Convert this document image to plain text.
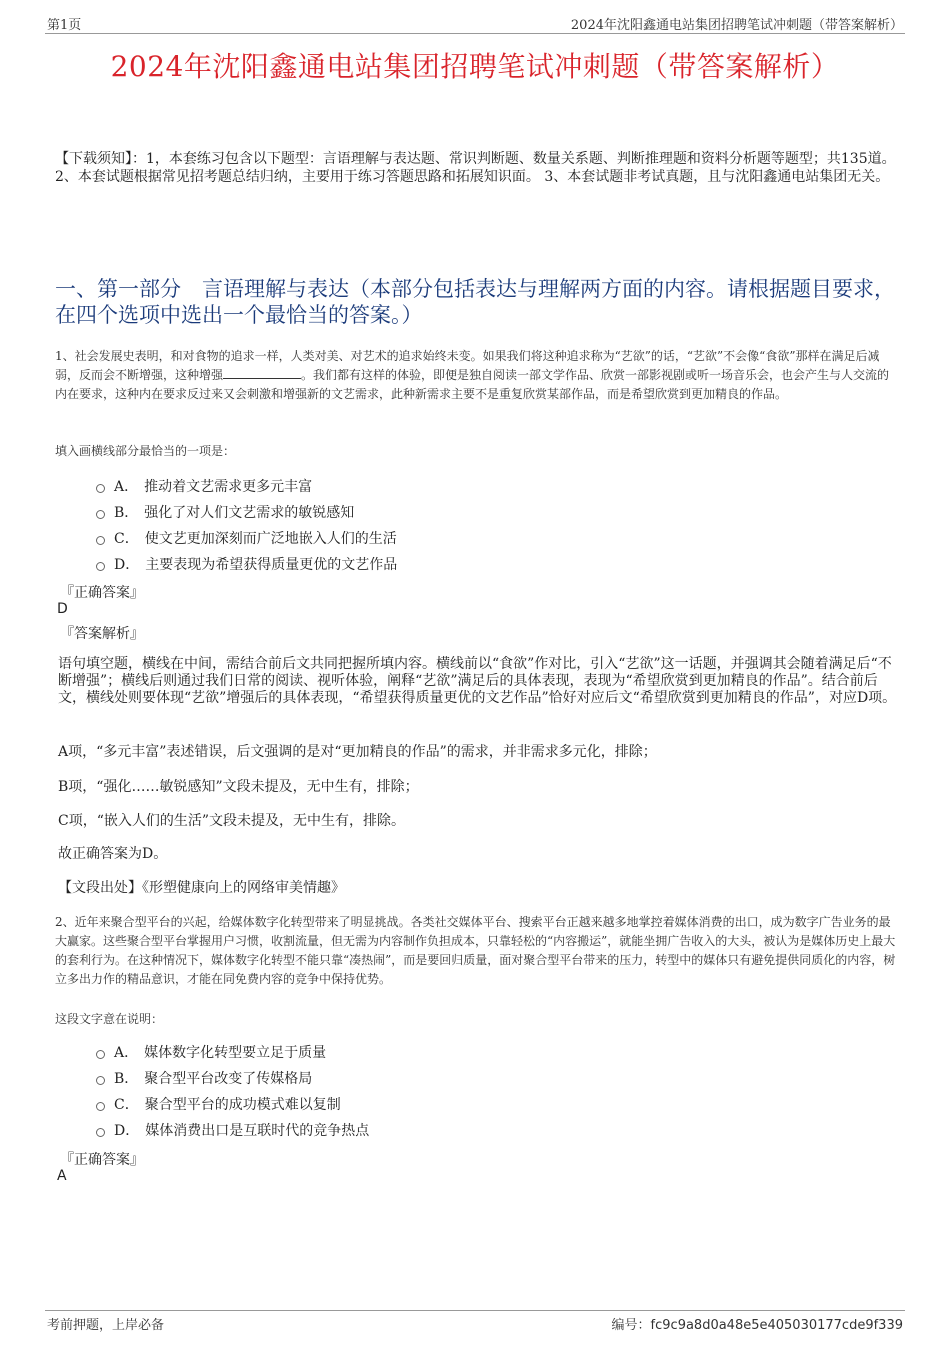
第1页	2024年沈阳鑫通电站集团招聘笔试冲刺题（带答案解析）
2024年沈阳鑫通电站集团招聘笔试冲刺题（带答案解析）
【下载须知】：1，本套练习包含以下题型：言语理解与表达题、常识判断题、数量关系题、判断推理题和资料分析题等题型；共135道。 2、本套试题根据常见招考题总结归纳，主要用于练习答题思路和拓展知识面。 3、本套试题非考试真题，且与沈阳鑫通电站集团无关。
一、第一部分　言语理解与表达（本部分包括表达与理解两方面的内容。请根据题目要求，在四个选项中选出一个最恰当的答案。）
1、社会发展史表明，和对食物的追求一样，人类对美、对艺术的追求始终未变。如果我们将这种追求称为“艺欲”的话，“艺欲”不会像“食欲”那样在满足后减弱，反而会不断增强，这种增强	。我们都有这样的体验，即便是独自阅读一部文学作品、欣赏一部影视剧或听一场音乐会，也会产生与人交流的内在要求，这种内在要求反过来又会刺激和增强新的文艺需求，此种新需求主要不是重复欣赏某部作品，而是希望欣赏到更加精良的作品。
填入画横线部分最恰当的一项是：
A． 推动着文艺需求更多元丰富
B． 强化了对人们文艺需求的敏锐感知
C． 使文艺更加深刻而广泛地嵌入人们的生活
D． 主要表现为希望获得质量更优的文艺作品
『正确答案』
D
『答案解析』
语句填空题，横线在中间，需结合前后文共同把握所填内容。横线前以“食欲”作对比，引入“艺欲”这一话题，并强调其会随着满足后“不断增强”；横线后则通过我们日常的阅读、视听体验，阐释“艺欲”满足后的具体表现，表现为“希望欣赏到更加精良的作品”。结合前后文，横线处则要体现“艺欲”增强后的具体表现，“希望获得质量更优的文艺作品”恰好对应后文“希望欣赏到更加精良的作品”，对应D项。
A项，“多元丰富”表述错误，后文强调的是对“更加精良的作品”的需求，并非需求多元化，排除；
B项，“强化……敏锐感知”文段未提及，无中生有，排除；
C项，“嵌入人们的生活”文段未提及，无中生有，排除。
故正确答案为D。
【文段出处】《形塑健康向上的网络审美情趣》
2、近年来聚合型平台的兴起，给媒体数字化转型带来了明显挑战。各类社交媒体平台、搜索平台正越来越多地掌控着媒体消费的出口，成为数字广告业务的最大赢家。这些聚合型平台掌握用户习惯，收割流量，但无需为内容制作负担成本，只靠轻松的“内容搬运”，就能坐拥广告收入的大头，被认为是媒体历史上最大的套利行为。在这种情况下，媒体数字化转型不能只靠“凑热闹”，而是要回归质量，面对聚合型平台带来的压力，转型中的媒体只有避免提供同质化的内容，树立多出力作的精品意识，才能在同免费内容的竞争中保持优势。
这段文字意在说明：
A． 媒体数字化转型要立足于质量
B． 聚合型平台改变了传媒格局
C． 聚合型平台的成功模式难以复制
D． 媒体消费出口是互联时代的竞争热点
『正确答案』
A
考前押题，上岸必备	编号：fc9c9a8d0a48e5e405030177cde9f339
